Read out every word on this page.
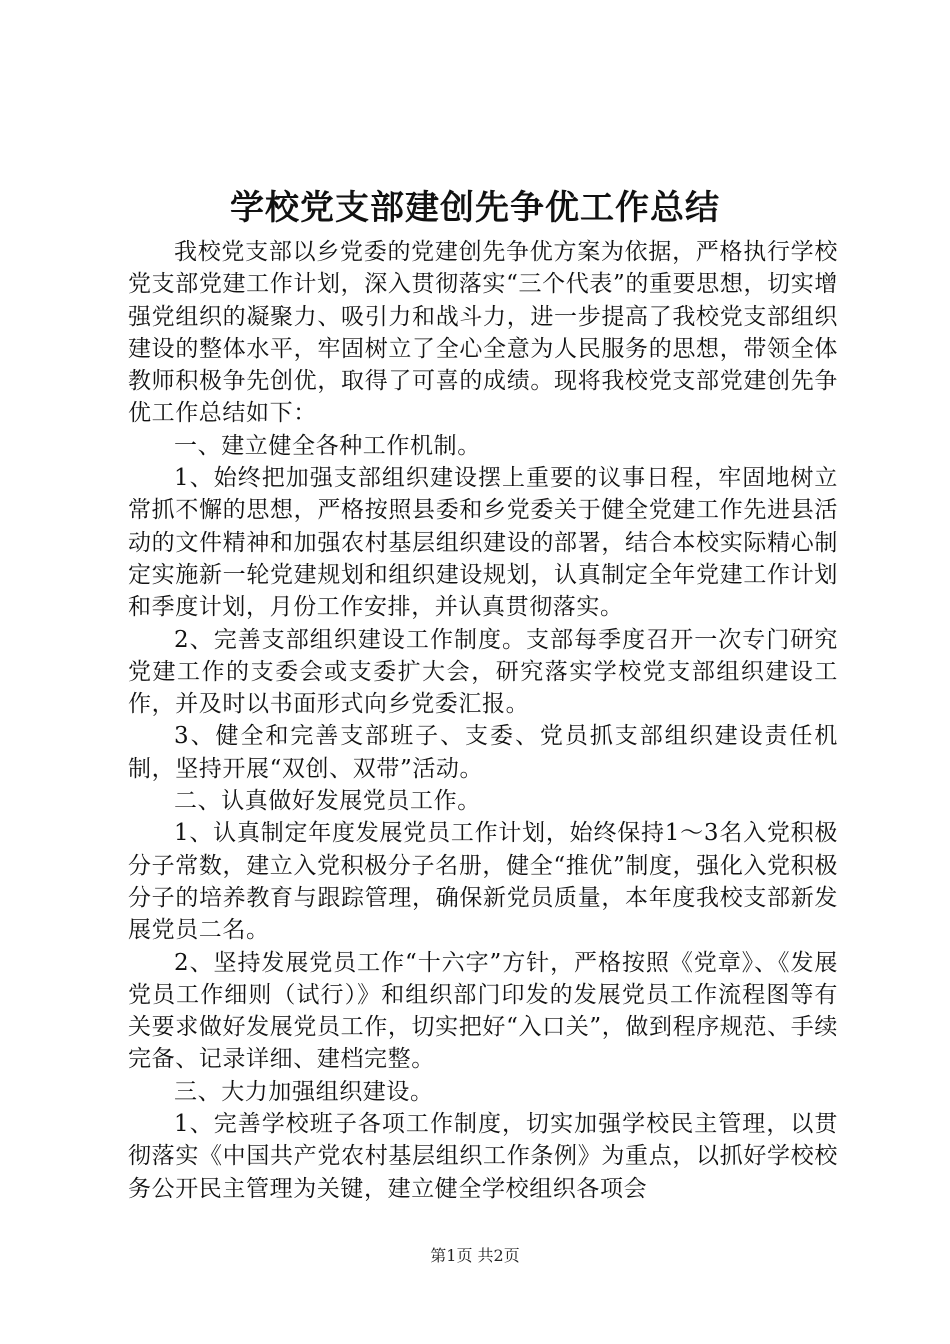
学校党支部建创先争优工作总结

我校党支部以乡党委的党建创先争优方案为依据，严格执行学校党支部党建工作计划，深入贯彻落实“三个代表”的重要思想，切实增强党组织的凝聚力、吸引力和战斗力，进一步提高了我校党支部组织建设的整体水平，牢固树立了全心全意为人民服务的思想，带领全体教师积极争先创优，取得了可喜的成绩。现将我校党支部党建创先争优工作总结如下：

一、建立健全各种工作机制。

1、始终把加强支部组织建设摆上重要的议事日程，牢固地树立常抓不懈的思想，严格按照县委和乡党委关于健全党建工作先进县活动的文件精神和加强农村基层组织建设的部署，结合本校实际精心制定实施新一轮党建规划和组织建设规划，认真制定全年党建工作计划和季度计划，月份工作安排，并认真贯彻落实。

2、完善支部组织建设工作制度。支部每季度召开一次专门研究党建工作的支委会或支委扩大会，研究落实学校党支部组织建设工作，并及时以书面形式向乡党委汇报。

3、健全和完善支部班子、支委、党员抓支部组织建设责任机制，坚持开展“双创、双带”活动。

二、认真做好发展党员工作。

1、认真制定年度发展党员工作计划，始终保持1～3名入党积极分子常数，建立入党积极分子名册，健全“推优”制度，强化入党积极分子的培养教育与跟踪管理，确保新党员质量，本年度我校支部新发展党员二名。

2、坚持发展党员工作“十六字”方针，严格按照《党章》、《发展党员工作细则（试行）》和组织部门印发的发展党员工作流程图等有关要求做好发展党员工作，切实把好“入口关”，做到程序规范、手续完备、记录详细、建档完整。

三、大力加强组织建设。

1、完善学校班子各项工作制度，切实加强学校民主管理，以贯彻落实《中国共产党农村基层组织工作条例》为重点，以抓好学校校务公开民主管理为关键，建立健全学校组织各项会

第1页 共2页
